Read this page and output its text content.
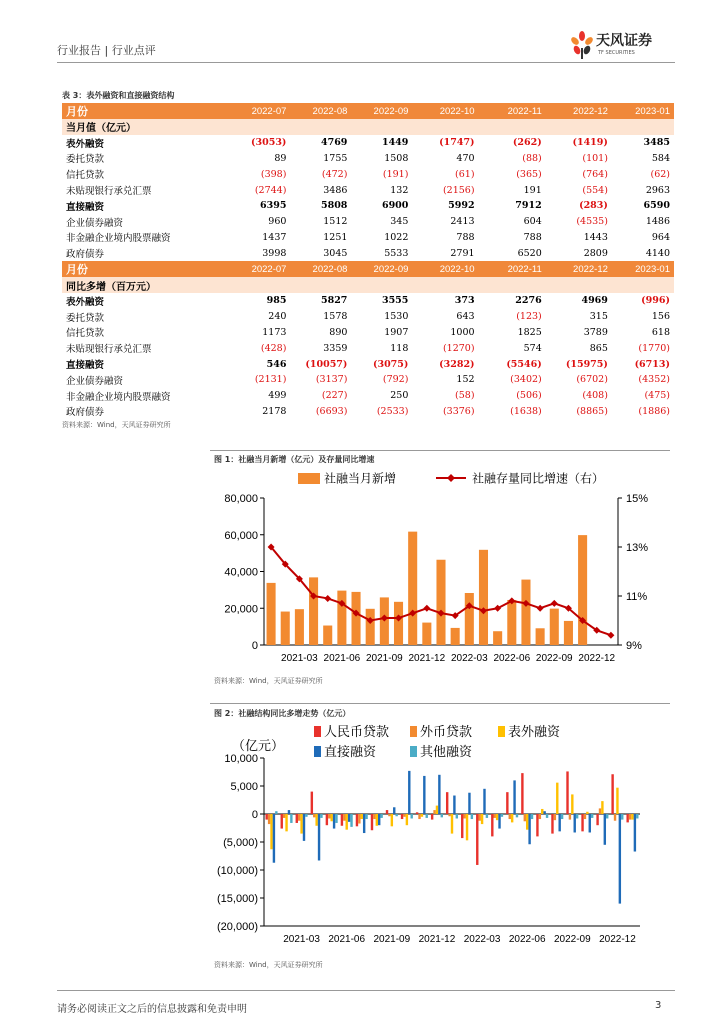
行业报告 | 行业点评
天风证券
TF SECURITIES
表 3：表外融资和直接融资结构
月份	2022-07	2022-08	2022-09	2022-10	2022-11	2022-12	2023-01
当月值（亿元）							
表外融资	(3053)	4769	1449	(1747)	(262)	(1419)	3485
委托贷款	89	1755	1508	470	(88)	(101)	584
信托贷款	(398)	(472)	(191)	(61)	(365)	(764)	(62)
未贴现银行承兑汇票	(2744)	3486	132	(2156)	191	(554)	2963
直接融资	6395	5808	6900	5992	7912	(283)	6590
企业债券融资	960	1512	345	2413	604	(4535)	1486
非金融企业境内股票融资	1437	1251	1022	788	788	1443	964
政府债券	3998	3045	5533	2791	6520	2809	4140
月份	2022-07	2022-08	2022-09	2022-10	2022-11	2022-12	2023-01
同比多增（百万元）							
表外融资	985	5827	3555	373	2276	4969	(996)
委托贷款	240	1578	1530	643	(123)	315	156
信托贷款	1173	890	1907	1000	1825	3789	618
未贴现银行承兑汇票	(428)	3359	118	(1270)	574	865	(1770)
直接融资	546	(10057)	(3075)	(3282)	(5546)	(15975)	(6713)
企业债券融资	(2131)	(3137)	(792)	152	(3402)	(6702)	(4352)
非金融企业境内股票融资	499	(227)	250	(58)	(506)	(408)	(475)
政府债券	2178	(6693)	(2533)	(3376)	(1638)	(8865)	(1886)
资料来源：Wind，天风证券研究所
图 1：社融当月新增（亿元）及存量同比增速
社融当月新增	社融存量同比增速（右）
80,000
60,000
40,000
20,000
0
15%
13%
11%
9%
2021-03 2021-06 2021-09 2021-12 2022-03 2022-06 2022-09 2022-12
资料来源：Wind，天风证券研究所
图 2：社融结构同比多增走势（亿元）
人民币贷款 外币贷款	表外融资
直接融资	其他融资
（亿元）
10,000
5,000
0
(5,000)
(10,000)
(15,000)
(20,000)
2021-03 2021-06 2021-09 2021-12 2022-03 2022-06 2022-09 2022-12
资料来源：Wind，天风证券研究所
请务必阅读正文之后的信息披露和免责申明	3
